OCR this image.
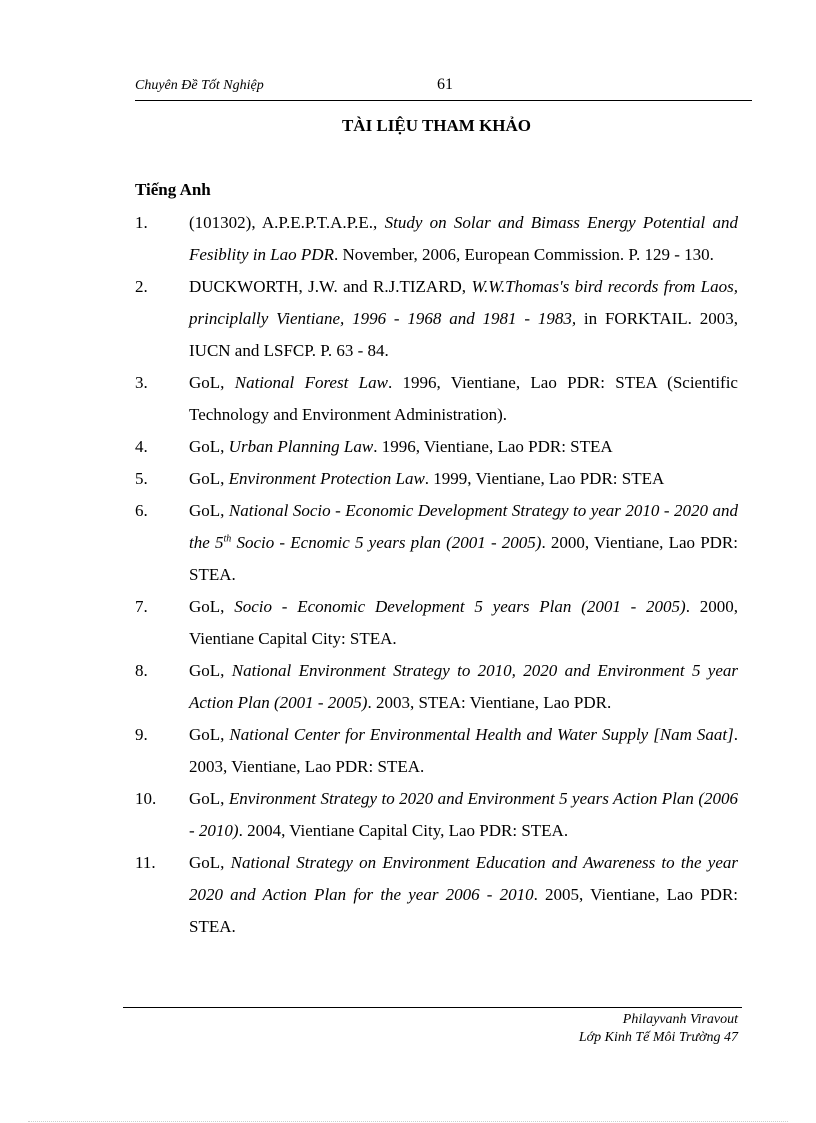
Chuyên Đề Tốt Nghiệp	61
TÀI LIỆU THAM KHẢO
Tiếng Anh
1.	(101302), A.P.E.P.T.A.P.E., Study on Solar and Bimass Energy Potential and Fesiblity in Lao PDR. November, 2006, European Commission. P. 129 - 130.
2.	DUCKWORTH, J.W. and R.J.TIZARD, W.W.Thomas's bird records from Laos, principlally Vientiane, 1996 - 1968 and 1981 - 1983, in FORKTAIL. 2003, IUCN and LSFCP. P. 63 - 84.
3.	GoL, National Forest Law. 1996, Vientiane, Lao PDR: STEA (Scientific Technology and Environment Administration).
4.	GoL, Urban Planning Law. 1996, Vientiane, Lao PDR: STEA
5.	GoL, Environment Protection Law. 1999, Vientiane, Lao PDR: STEA
6.	GoL, National Socio - Economic Development Strategy to year 2010 - 2020 and the 5th Socio - Ecnomic 5 years plan (2001 - 2005). 2000, Vientiane, Lao PDR: STEA.
7.	GoL, Socio - Economic Development 5 years Plan (2001 - 2005). 2000, Vientiane Capital City: STEA.
8.	GoL, National Environment Strategy to 2010, 2020 and Environment 5 year Action Plan (2001 - 2005). 2003, STEA: Vientiane, Lao PDR.
9.	GoL, National Center for Environmental Health and Water Supply [Nam Saat]. 2003, Vientiane, Lao PDR: STEA.
10.	GoL, Environment Strategy to 2020 and Environment 5 years Action Plan (2006 - 2010). 2004, Vientiane Capital City, Lao PDR: STEA.
11.	GoL, National Strategy on Environment Education and Awareness to the year 2020 and Action Plan for the year 2006 - 2010. 2005, Vientiane, Lao PDR: STEA.
Philayvanh Viravout
Lớp Kinh Tế Môi Trường 47
